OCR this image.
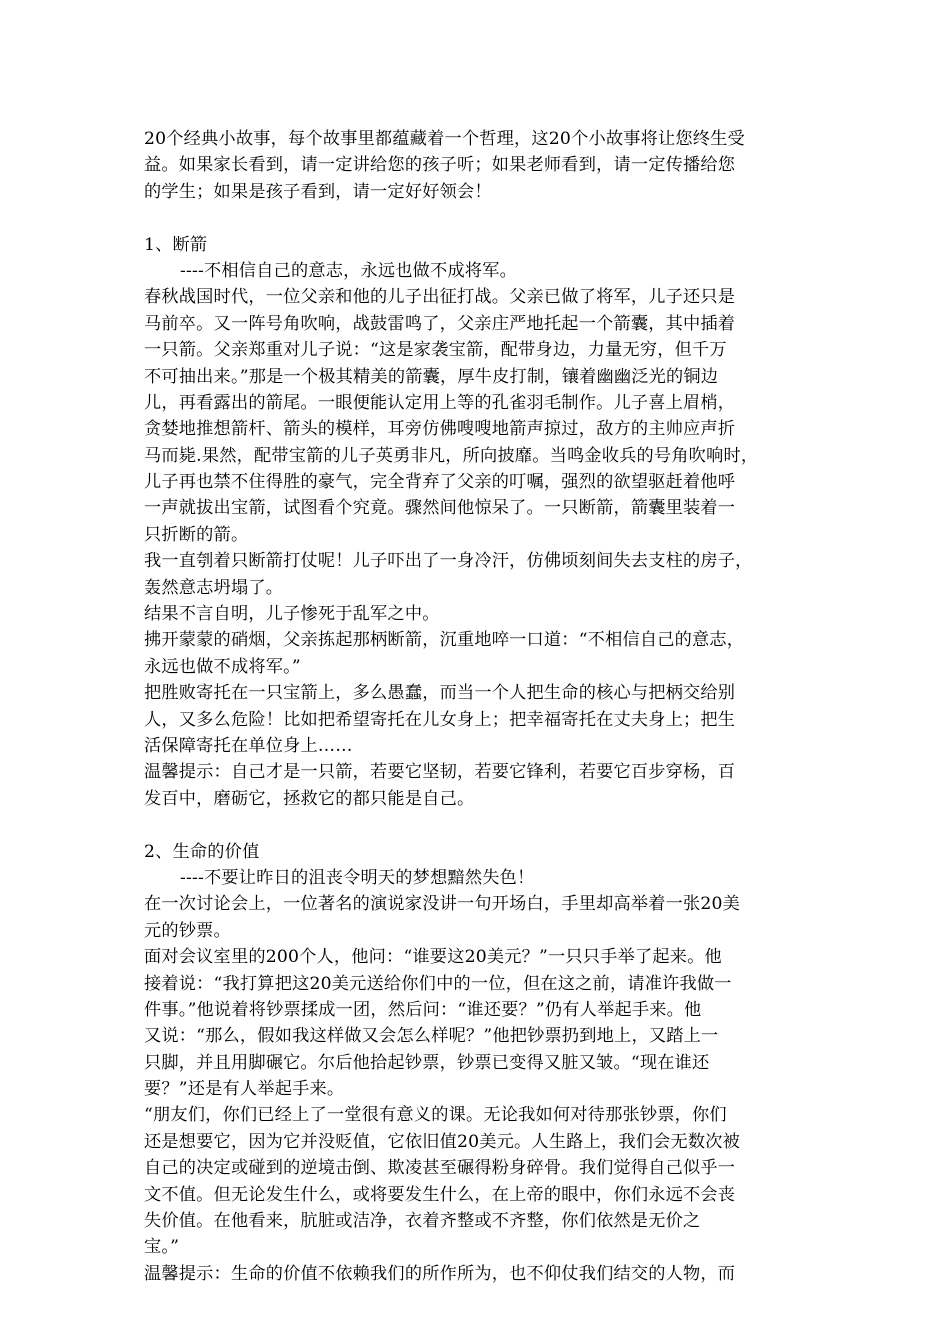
20个经典小故事，每个故事里都蕴藏着一个哲理，这20个小故事将让您终生受
益。如果家长看到，请一定讲给您的孩子听；如果老师看到，请一定传播给您
的学生；如果是孩子看到，请一定好好领会！
1、断箭
----不相信自己的意志，永远也做不成将军。
春秋战国时代，一位父亲和他的儿子出征打战。父亲已做了将军，儿子还只是
马前卒。又一阵号角吹响，战鼓雷鸣了，父亲庄严地托起一个箭囊，其中插着
一只箭。父亲郑重对儿子说：“这是家袭宝箭，配带身边，力量无穷，但千万
不可抽出来。”那是一个极其精美的箭囊，厚牛皮打制，镶着幽幽泛光的铜边
儿，再看露出的箭尾。一眼便能认定用上等的孔雀羽毛制作。儿子喜上眉梢，
贪婪地推想箭杆、箭头的模样，耳旁仿佛嗖嗖地箭声掠过，敌方的主帅应声折
马而毙.果然，配带宝箭的儿子英勇非凡，所向披靡。当鸣金收兵的号角吹响时，
儿子再也禁不住得胜的豪气，完全背弃了父亲的叮嘱，强烈的欲望驱赶着他呼
一声就拔出宝箭，试图看个究竟。骤然间他惊呆了。一只断箭，箭囊里装着一
只折断的箭。
我一直刳着只断箭打仗呢！儿子吓出了一身冷汗，仿佛顷刻间失去支柱的房子，
轰然意志坍塌了。
结果不言自明，儿子惨死于乱军之中。
拂开蒙蒙的硝烟，父亲拣起那柄断箭，沉重地啐一口道：“不相信自己的意志，
永远也做不成将军。”
把胜败寄托在一只宝箭上，多么愚蠢，而当一个人把生命的核心与把柄交给别
人，又多么危险！比如把希望寄托在儿女身上；把幸福寄托在丈夫身上；把生
活保障寄托在单位身上……
温馨提示：自己才是一只箭，若要它坚韧，若要它锋利，若要它百步穿杨，百
发百中，磨砺它，拯救它的都只能是自己。
2、生命的价值
----不要让昨日的沮丧令明天的梦想黯然失色！
在一次讨论会上，一位著名的演说家没讲一句开场白，手里却高举着一张20美
元的钞票。
面对会议室里的200个人，他问：“谁要这20美元？”一只只手举了起来。他
接着说：“我打算把这20美元送给你们中的一位，但在这之前，请准许我做一
件事。”他说着将钞票揉成一团，然后问：“谁还要？”仍有人举起手来。他
又说：“那么，假如我这样做又会怎么样呢？”他把钞票扔到地上，又踏上一
只脚，并且用脚碾它。尔后他拾起钞票，钞票已变得又脏又皱。“现在谁还
要？”还是有人举起手来。
“朋友们，你们已经上了一堂很有意义的课。无论我如何对待那张钞票，你们
还是想要它，因为它并没贬值，它依旧值20美元。人生路上，我们会无数次被
自己的决定或碰到的逆境击倒、欺凌甚至碾得粉身碎骨。我们觉得自己似乎一
文不值。但无论发生什么，或将要发生什么，在上帝的眼中，你们永远不会丧
失价值。在他看来，肮脏或洁净，衣着齐整或不齐整，你们依然是无价之
宝。”
温馨提示：生命的价值不依赖我们的所作所为，也不仰仗我们结交的人物，而
